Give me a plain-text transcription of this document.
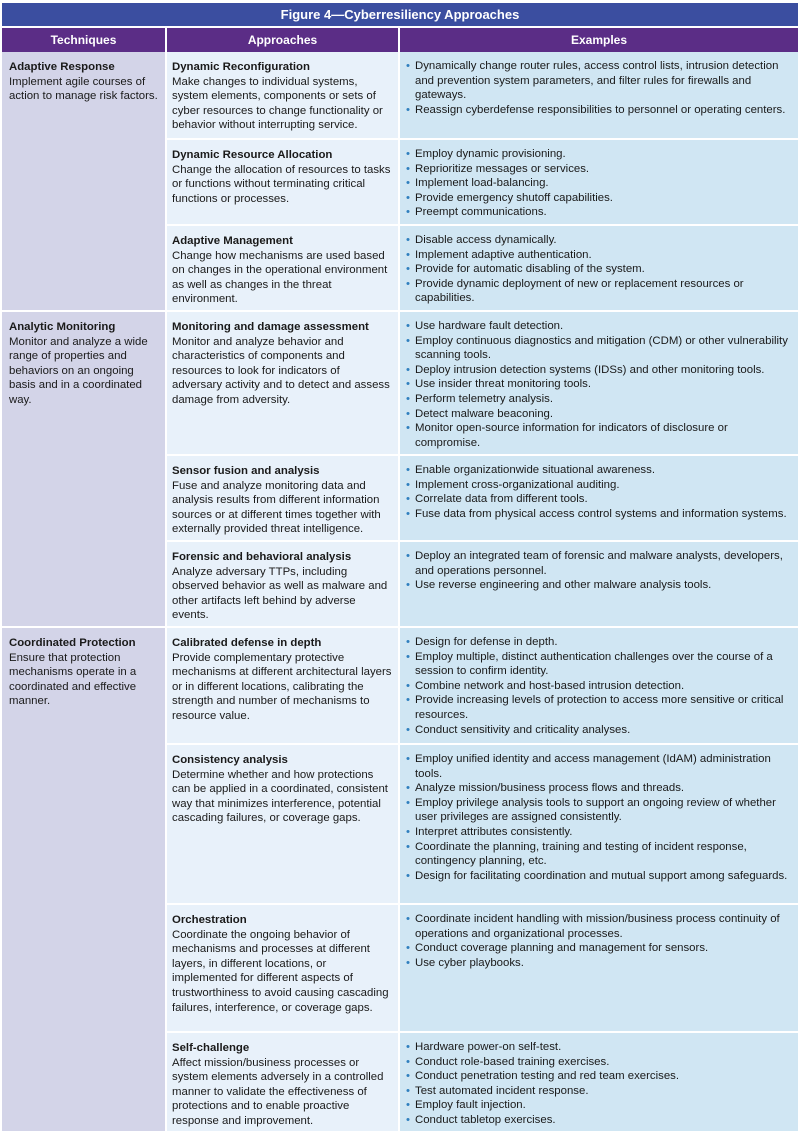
Figure 4—Cyberresiliency Approaches
Techniques	Approaches	Examples
Adaptive Response
Implement agile courses of action to manage risk factors.
Dynamic Reconfiguration
Make changes to individual systems, system elements, components or sets of cyber resources to change functionality or behavior without interrupting service.
• Dynamically change router rules, access control lists, intrusion detection and prevention system parameters, and filter rules for firewalls and gateways.
• Reassign cyberdefense responsibilities to personnel or operating centers.
Dynamic Resource Allocation
Change the allocation of resources to tasks or functions without terminating critical functions or processes.
• Employ dynamic provisioning.
• Reprioritize messages or services.
• Implement load-balancing.
• Provide emergency shutoff capabilities.
• Preempt communications.
Adaptive Management
Change how mechanisms are used based on changes in the operational environment as well as changes in the threat environment.
• Disable access dynamically.
• Implement adaptive authentication.
• Provide for automatic disabling of the system.
• Provide dynamic deployment of new or replacement resources or capabilities.
Analytic Monitoring
Monitor and analyze a wide range of properties and behaviors on an ongoing basis and in a coordinated way.
Monitoring and damage assessment
Monitor and analyze behavior and characteristics of components and resources to look for indicators of adversary activity and to detect and assess damage from adversity.
• Use hardware fault detection.
• Employ continuous diagnostics and mitigation (CDM) or other vulnerability scanning tools.
• Deploy intrusion detection systems (IDSs) and other monitoring tools.
• Use insider threat monitoring tools.
• Perform telemetry analysis.
• Detect malware beaconing.
• Monitor open-source information for indicators of disclosure or compromise.
Sensor fusion and analysis
Fuse and analyze monitoring data and analysis results from different information sources or at different times together with externally provided threat intelligence.
• Enable organizationwide situational awareness.
• Implement cross-organizational auditing.
• Correlate data from different tools.
• Fuse data from physical access control systems and information systems.
Forensic and behavioral analysis
Analyze adversary TTPs, including observed behavior as well as malware and other artifacts left behind by adverse events.
• Deploy an integrated team of forensic and malware analysts, developers, and operations personnel.
• Use reverse engineering and other malware analysis tools.
Coordinated Protection
Ensure that protection mechanisms operate in a coordinated and effective manner.
Calibrated defense in depth
Provide complementary protective mechanisms at different architectural layers or in different locations, calibrating the strength and number of mechanisms to resource value.
• Design for defense in depth.
• Employ multiple, distinct authentication challenges over the course of a session to confirm identity.
• Combine network and host-based intrusion detection.
• Provide increasing levels of protection to access more sensitive or critical resources.
• Conduct sensitivity and criticality analyses.
Consistency analysis
Determine whether and how protections can be applied in a coordinated, consistent way that minimizes interference, potential cascading failures, or coverage gaps.
• Employ unified identity and access management (IdAM) administration tools.
• Analyze mission/business process flows and threads.
• Employ privilege analysis tools to support an ongoing review of whether user privileges are assigned consistently.
• Interpret attributes consistently.
• Coordinate the planning, training and testing of incident response, contingency planning, etc.
• Design for facilitating coordination and mutual support among safeguards.
Orchestration
Coordinate the ongoing behavior of mechanisms and processes at different layers, in different locations, or implemented for different aspects of trustworthiness to avoid causing cascading failures, interference, or coverage gaps.
• Coordinate incident handling with mission/business process continuity of operations and organizational processes.
• Conduct coverage planning and management for sensors.
• Use cyber playbooks.
Self-challenge
Affect mission/business processes or system elements adversely in a controlled manner to validate the effectiveness of protections and to enable proactive response and improvement.
• Hardware power-on self-test.
• Conduct role-based training exercises.
• Conduct penetration testing and red team exercises.
• Test automated incident response.
• Employ fault injection.
• Conduct tabletop exercises.
